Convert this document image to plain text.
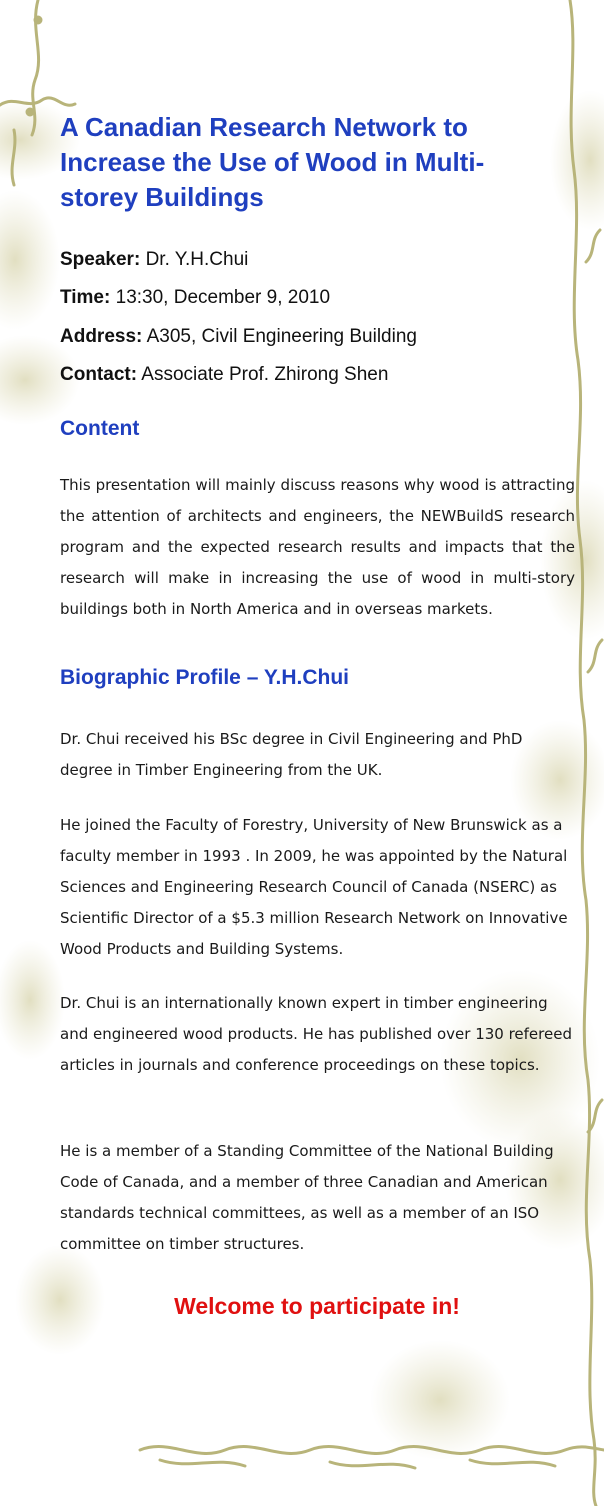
A Canadian Research Network to Increase the Use of Wood in Multi-storey Buildings
Speaker: Dr. Y.H.Chui
Time: 13:30, December 9, 2010
Address: A305, Civil Engineering Building
Contact: Associate Prof. Zhirong Shen
Content

This presentation will mainly discuss reasons why wood is attracting the attention of architects and engineers, the NEWBuildS research program and the expected research results and impacts that the research will make in increasing the use of wood in multi-story buildings both in North America and in overseas markets.

Biographic Profile – Y.H.Chui

Dr. Chui received his BSc degree in Civil Engineering and PhD degree in Timber Engineering from the UK.

He joined the Faculty of Forestry, University of New Brunswick as a faculty member in 1993 . In 2009, he was appointed by the Natural Sciences and Engineering Research Council of Canada (NSERC) as Scientific Director of a $5.3 million Research Network on Innovative Wood Products and Building Systems.

Dr. Chui is an internationally known expert in timber engineering and engineered wood products. He has published over 130 refereed articles in journals and conference proceedings on these topics.

He is a member of a Standing Committee of the National Building Code of Canada, and a member of three Canadian and American standards technical committees, as well as a member of an ISO committee on timber structures.

Welcome to participate in!
